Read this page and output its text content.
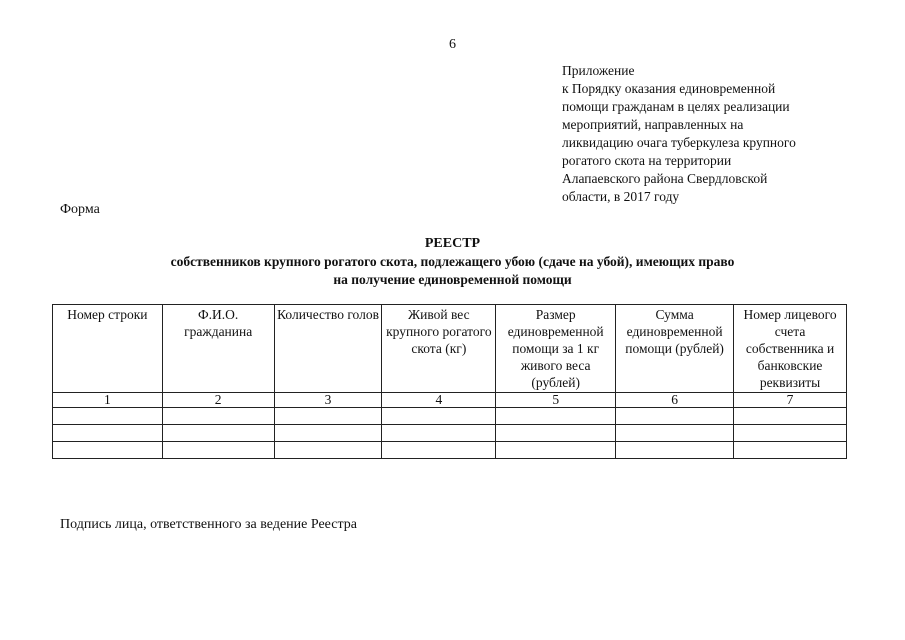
6
Приложение
к Порядку оказания единовременной
помощи гражданам в целях реализации
мероприятий, направленных на
ликвидацию очага туберкулеза крупного
рогатого скота на территории
Алапаевского района Свердловской
области, в 2017 году
Форма
РЕЕСТР
собственников крупного рогатого скота, подлежащего убою (сдаче на убой), имеющих право
на получение единовременной помощи
Номер строки	Ф.И.О. гражданина	Количество голов	Живой вес крупного рогатого скота (кг)	Размер единовременной помощи за 1 кг живого веса (рублей)	Сумма единовременной помощи (рублей)	Номер лицевого счета собственника и банковские реквизиты
1	2	3	4	5	6	7

Подпись лица, ответственного за ведение Реестра
